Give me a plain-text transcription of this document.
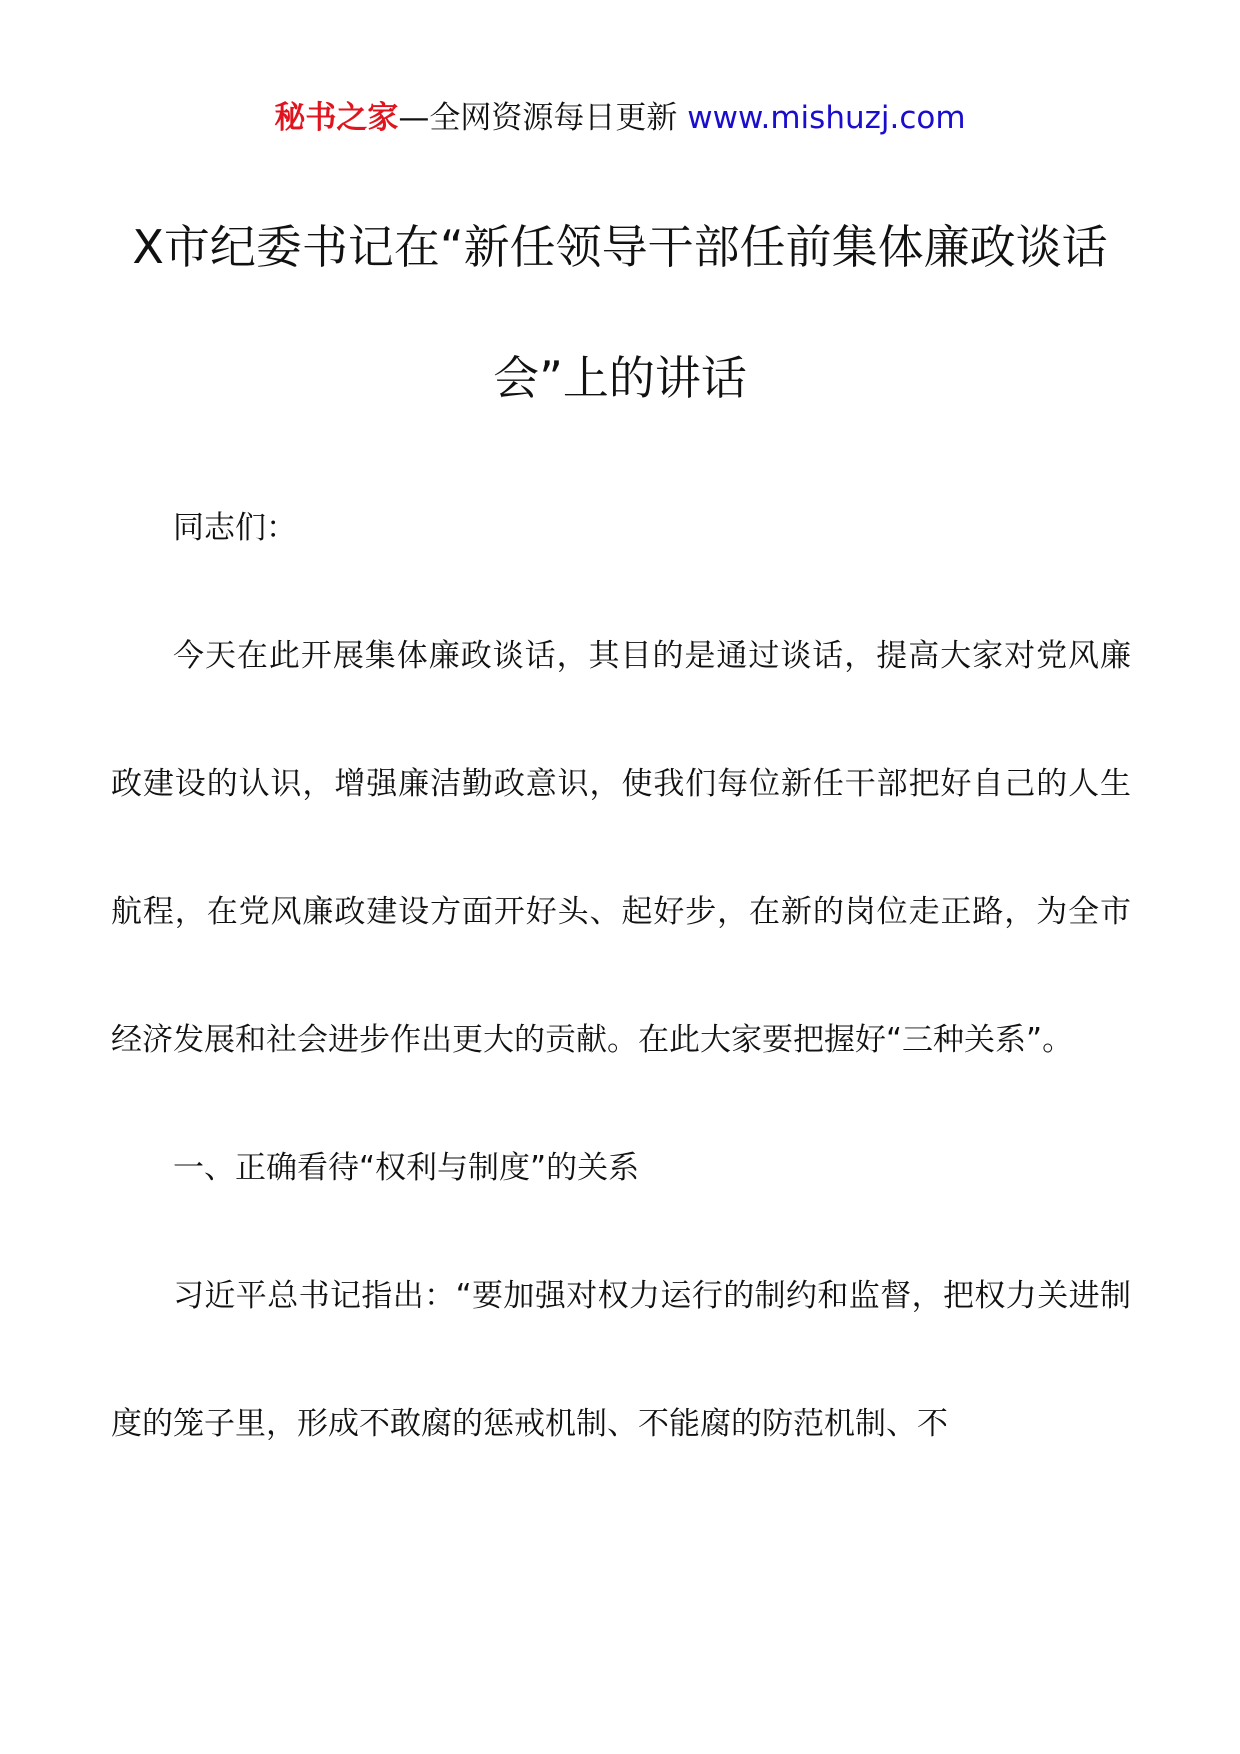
秘书之家—全网资源每日更新 www.mishuzj.com
X市纪委书记在“新任领导干部任前集体廉政谈话
会”上的讲话

同志们：

今天在此开展集体廉政谈话，其目的是通过谈话，提高大家对党风廉政建设的认识，增强廉洁勤政意识，使我们每位新任干部把好自己的人生航程，在党风廉政建设方面开好头、起好步，在新的岗位走正路，为全市经济发展和社会进步作出更大的贡献。在此大家要把握好“三种关系”。

一、正确看待“权利与制度”的关系

习近平总书记指出：“要加强对权力运行的制约和监督，把权力关进制度的笼子里，形成不敢腐的惩戒机制、不能腐的防范机制、不
